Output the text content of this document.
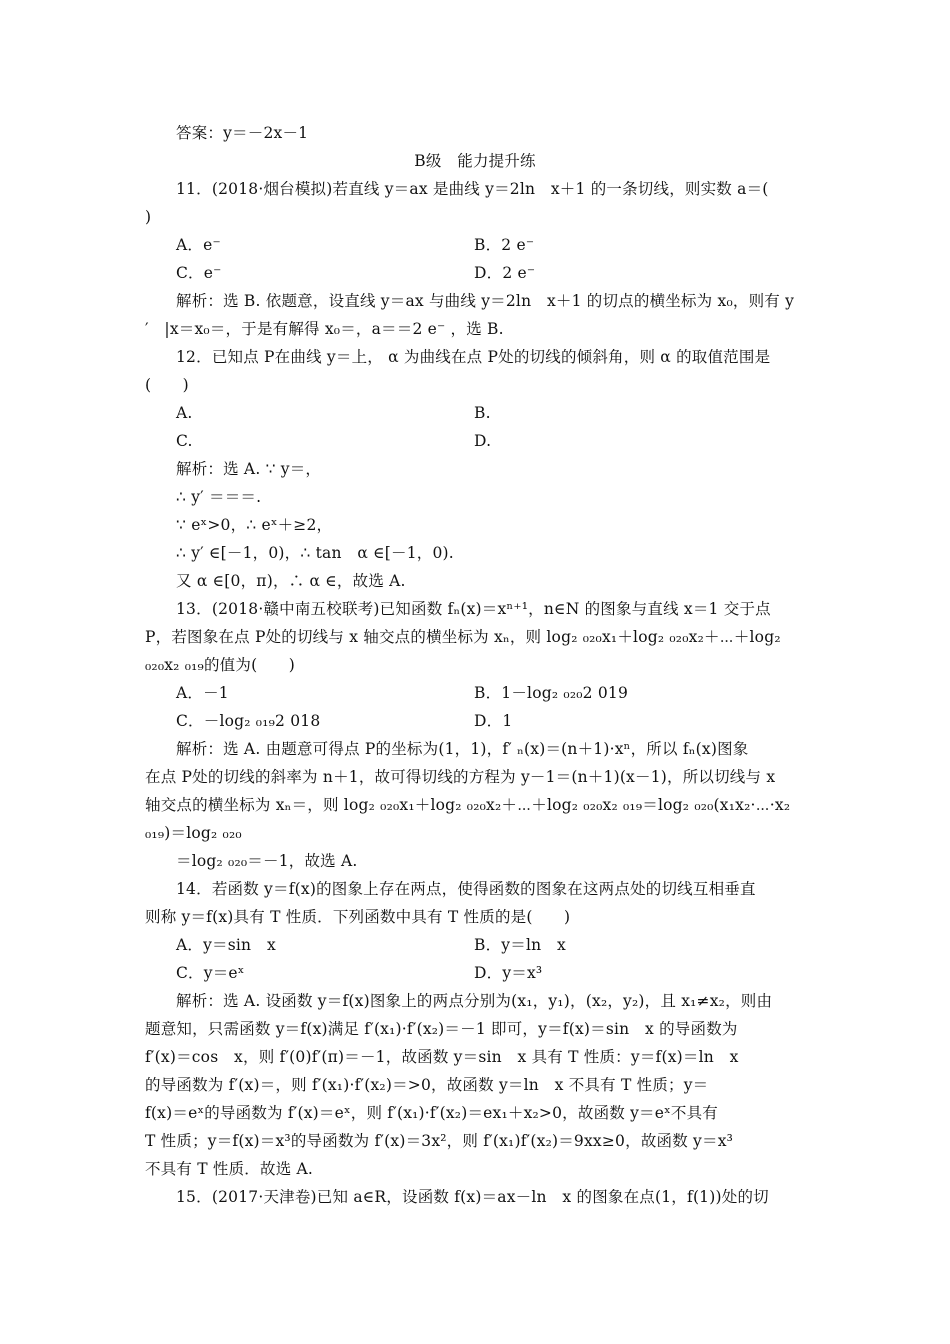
答案：y＝－2x－1
B级　能力提升练
11．(2018·烟台模拟)若直线 y＝ax 是曲线 y＝2ln　x＋1 的一条切线，则实数 a＝(
)
A．e⁻	B．2 e⁻
C．e⁻	D．2 e⁻
解析：选 B. 依题意，设直线 y＝ax 与曲线 y＝2ln　x＋1 的切点的横坐标为 x₀，则有 y
′　|x＝x₀＝，于是有解得 x₀＝，a＝＝2 e⁻ ，选 B.
12．已知点 P在曲线 y＝上， α 为曲线在点 P处的切线的倾斜角，则 α 的取值范围是
(　　)
A.	B.
C.	D.
解析：选 A. ∵ y＝，
∴ y′ ＝＝＝.
∵ eˣ>0，∴ eˣ＋≥2，
∴ y′ ∈[－1，0)，∴ tan　α ∈[－1，0).
又 α ∈[0，π)，∴ α ∈，故选 A.
13．(2018·赣中南五校联考)已知函数 fₙ(x)＝xⁿ⁺¹，n∈N 的图象与直线 x＝1 交于点
P，若图象在点 P处的切线与 x 轴交点的横坐标为 xₙ，则 log₂ ₀₂₀x₁＋log₂ ₀₂₀x₂＋⋯＋log₂
₀₂₀x₂ ₀₁₉的值为(　　)
A．－1	B．1－log₂ ₀₂₀2 019
C．－log₂ ₀₁₉2 018	D．1
解析：选 A. 由题意可得点 P的坐标为(1，1)，f′ ₙ(x)＝(n＋1)·xⁿ，所以 fₙ(x)图象
在点 P处的切线的斜率为 n＋1，故可得切线的方程为 y－1＝(n＋1)(x－1)，所以切线与 x
轴交点的横坐标为 xₙ＝，则 log₂ ₀₂₀x₁＋log₂ ₀₂₀x₂＋⋯＋log₂ ₀₂₀x₂ ₀₁₉＝log₂ ₀₂₀(x₁x₂·⋯·x₂
₀₁₉)＝log₂ ₀₂₀
＝log₂ ₀₂₀＝－1，故选 A.
14．若函数 y＝f(x)的图象上存在两点，使得函数的图象在这两点处的切线互相垂直
则称 y＝f(x)具有 T 性质．下列函数中具有 T 性质的是(　　)
A．y＝sin　x	B．y＝ln　x
C．y＝eˣ	D．y＝x³
解析：选 A. 设函数 y＝f(x)图象上的两点分别为(x₁，y₁)，(x₂，y₂)，且 x₁≠x₂，则由
题意知，只需函数 y＝f(x)满足 f′(x₁)·f′(x₂)＝－1 即可，y＝f(x)＝sin　x 的导函数为
f′(x)＝cos　x，则 f′(0)f′(π)＝－1，故函数 y＝sin　x 具有 T 性质：y＝f(x)＝ln　x
的导函数为 f′(x)＝，则 f′(x₁)·f′(x₂)＝>0，故函数 y＝ln　x 不具有 T 性质；y＝
f(x)＝eˣ的导函数为 f′(x)＝eˣ，则 f′(x₁)·f′(x₂)＝ex₁＋x₂>0，故函数 y＝eˣ不具有
T 性质；y＝f(x)＝x³的导函数为 f′(x)＝3x²，则 f′(x₁)f′(x₂)＝9xx≥0，故函数 y＝x³
不具有 T 性质．故选 A.
15．(2017·天津卷)已知 a∈R，设函数 f(x)＝ax－ln　x 的图象在点(1，f(1))处的切
